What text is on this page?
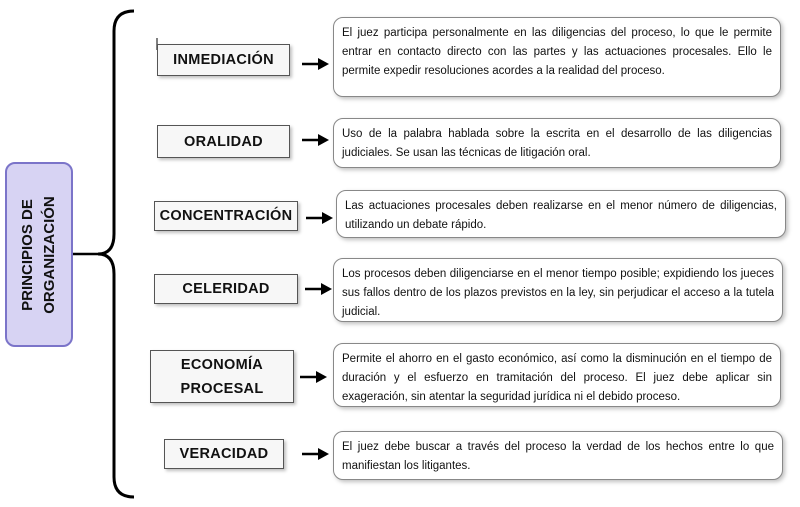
PRINCIPIOS DE ORGANIZACIÓN
INMEDIACIÓN
El juez participa personalmente en las diligencias del proceso, lo que le permite entrar en contacto directo con las partes y las actuaciones procesales. Ello le permite expedir resoluciones acordes a la realidad del proceso.
ORALIDAD	Uso de la palabra hablada sobre la escrita en el desarrollo de las diligencias judiciales. Se usan las técnicas de litigación oral.
CONCENTRACIÓN
Las actuaciones procesales deben realizarse en el menor número de diligencias, utilizando un debate rápido.
CELERIDAD
Los procesos deben diligenciarse en el menor tiempo posible; expidiendo los jueces sus fallos dentro de los plazos previstos en la ley, sin perjudicar el acceso a la tutela judicial.
ECONOMÍA
PROCESAL
Permite el ahorro en el gasto económico, así como la disminución en el tiempo de duración y el esfuerzo en tramitación del proceso. El juez debe aplicar sin exageración, sin atentar la seguridad jurídica ni el debido proceso.
VERACIDAD	El juez debe buscar a través del proceso la verdad de los hechos entre lo que manifiestan los litigantes.
